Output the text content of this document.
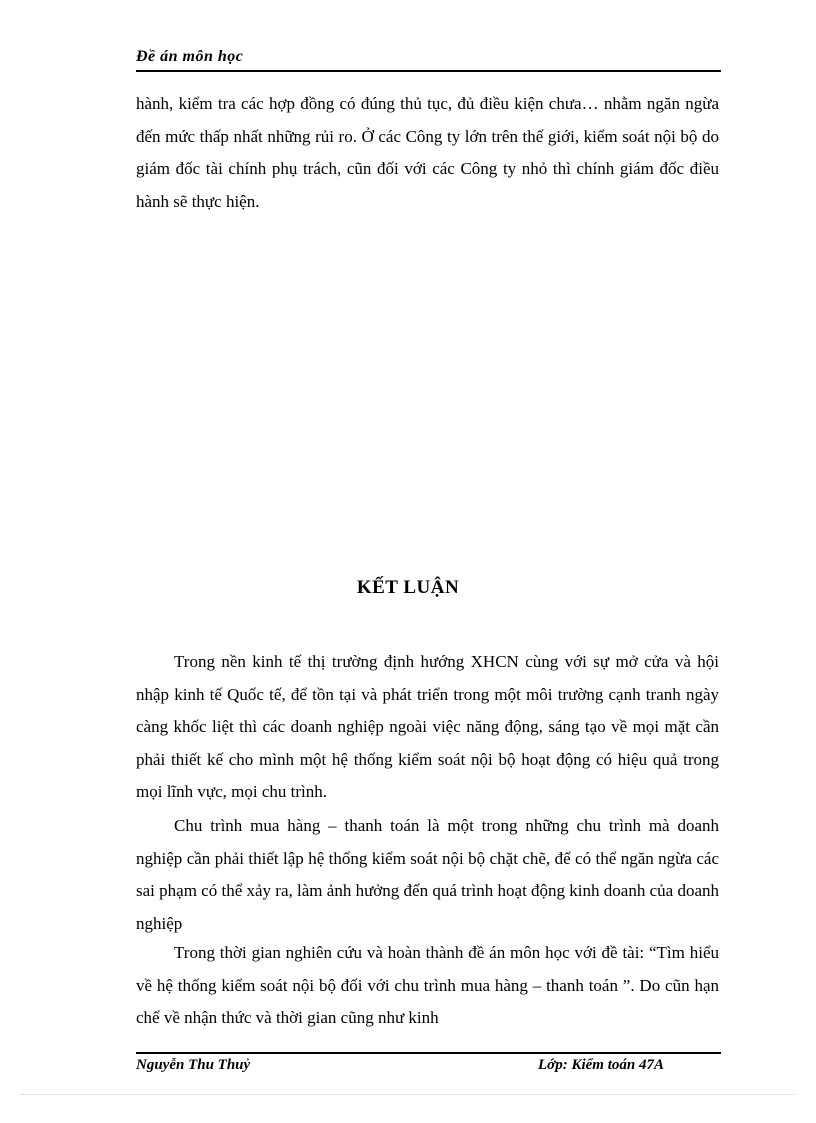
Đề án môn học

hành, kiểm tra các hợp đồng có đúng thủ tục, đủ điều kiện chưa… nhằm ngăn ngừa đến mức thấp nhất những rủi ro. Ở các Công ty lớn trên thế giới, kiểm soát nội bộ do giám đốc tài chính phụ trách, cũn đối với các Công ty nhỏ thì chính giám đốc điều hành sẽ thực hiện.

KẾT LUẬN

Trong nền kinh tế thị trường định hướng XHCN cùng với sự mở cửa và hội nhập kinh tế Quốc tế, để tồn tại và phát triển trong một môi trường cạnh tranh ngày càng khốc liệt thì các doanh nghiệp ngoài việc năng động, sáng tạo về mọi mặt cần phải thiết kế cho mình một hệ thống kiểm soát nội bộ hoạt động có hiệu quả trong mọi lĩnh vực, mọi chu trình.

Chu trình mua hàng – thanh toán là một trong những chu trình mà doanh nghiệp cần phải thiết lập hệ thống kiểm soát nội bộ chặt chẽ, để có thể ngăn ngừa các sai phạm có thể xảy ra, làm ảnh hưởng đến quá trình hoạt động kinh doanh của doanh nghiệp

Trong thời gian nghiên cứu và hoàn thành đề án môn học với đề tài: “Tìm hiểu về hệ thống kiểm soát nội bộ đối với chu trình mua hàng – thanh toán ”. Do cũn hạn chế về nhận thức và thời gian cũng như kinh

Nguyễn Thu Thuỷ	Lớp: Kiểm toán 47A
